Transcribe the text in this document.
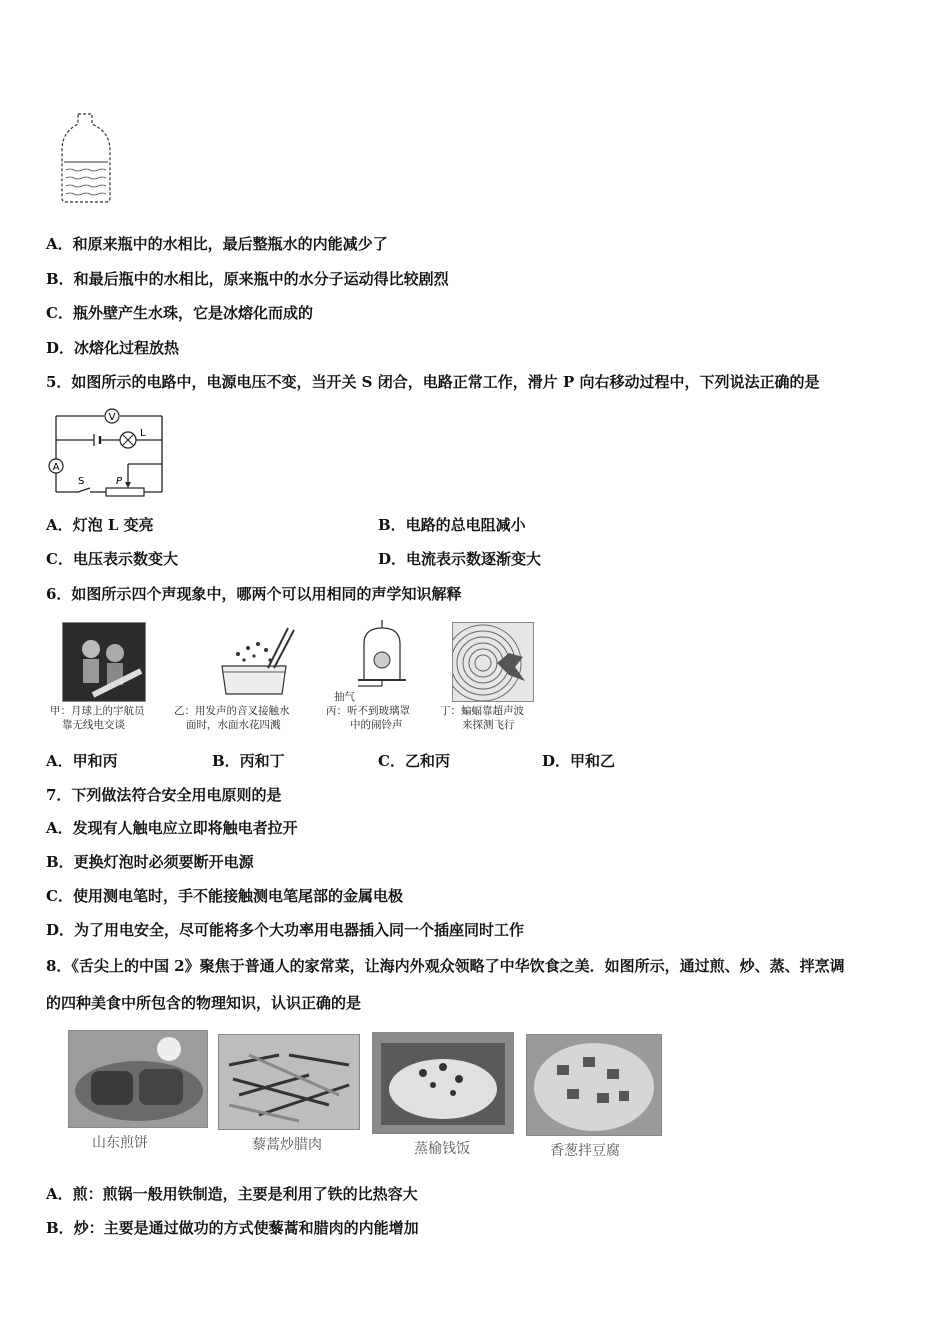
A．和原来瓶中的水相比，最后整瓶水的内能减少了
B．和最后瓶中的水相比，原来瓶中的水分子运动得比较剧烈
C．瓶外壁产生水珠，它是冰熔化而成的
D．冰熔化过程放热
5．如图所示的电路中，电源电压不变，当开关 S 闭合，电路正常工作，滑片 P 向右移动过程中，下列说法正确的是
V
L
A
S	P
A．灯泡 L 变亮	B．电路的总电阻减小
C．电压表示数变大	D．电流表示数逐渐变大
6．如图所示四个声现象中，哪两个可以用相同的声学知识解释
甲：月球上的宇航员
靠无线电交谈
乙：用发声的音叉接触水
面时，水面水花四溅
抽气
丙：听不到玻璃罩
中的闹铃声
丁：蝙蝠靠超声波
来探测飞行
A．甲和丙	B．丙和丁	C．乙和丙	D．甲和乙
7．下列做法符合安全用电原则的是
A．发现有人触电应立即将触电者拉开
B．更换灯泡时必须要断开电源
C．使用测电笔时，手不能接触测电笔尾部的金属电极
D．为了用电安全，尽可能将多个大功率用电器插入同一个插座同时工作
8．《舌尖上的中国 2》聚焦于普通人的家常菜，让海内外观众领略了中华饮食之美．如图所示，通过煎、炒、蒸、拌烹调
的四种美食中所包含的物理知识，认识正确的是
山东煎饼	藜蒿炒腊肉	蒸榆钱饭	香葱拌豆腐
A．煎：煎锅一般用铁制造，主要是利用了铁的比热容大
B．炒：主要是通过做功的方式使藜蒿和腊肉的内能增加
